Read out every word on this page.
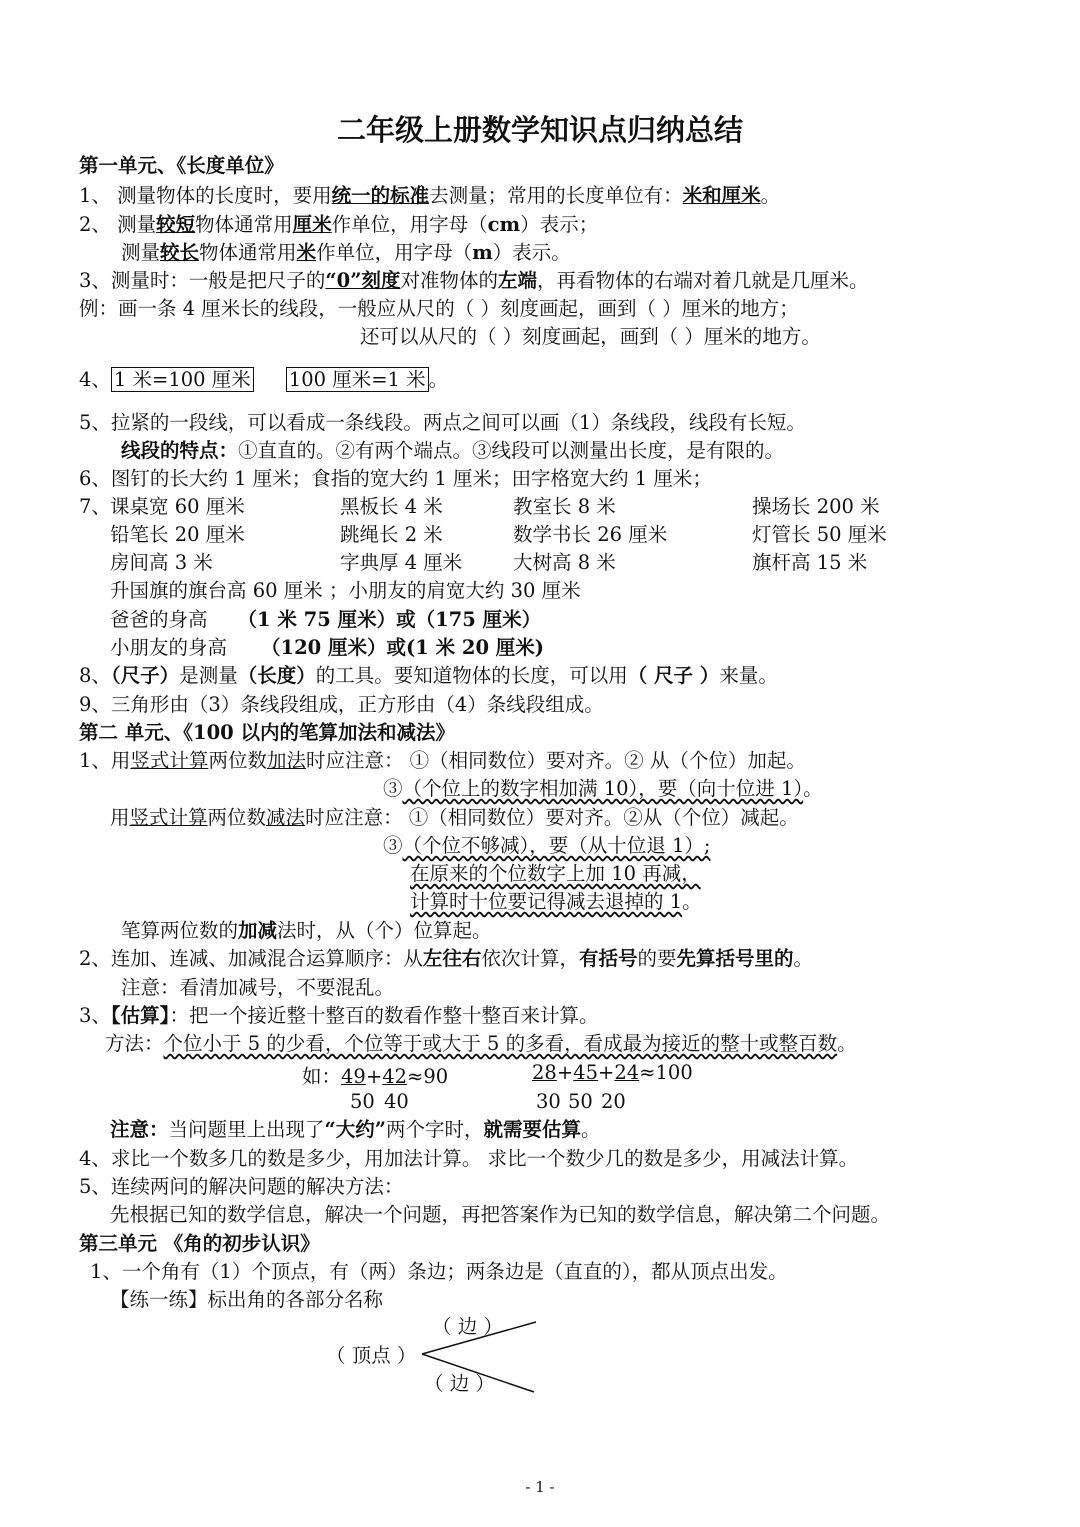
二年级上册数学知识点归纳总结
第一单元、《长度单位》
1、 测量物体的长度时，要用统一的标准去测量；常用的长度单位有：米和厘米。
2、 测量较短物体通常用厘米作单位，用字母（cm）表示；
测量较长物体通常用米作单位，用字母（m）表示。
3、测量时：一般是把尺子的“0”刻度对准物体的左端，再看物体的右端对着几就是几厘米。
例：画一条 4 厘米长的线段，一般应从尺的（ ）刻度画起，画到（ ）厘米的地方；
还可以从尺的（ ）刻度画起，画到（ ）厘米的地方。
4、 1 米=100 厘米 100 厘米=1 米 。
5、拉紧的一段线，可以看成一条线段。两点之间可以画（1）条线段，线段有长短。
线段的特点：①直直的。②有两个端点。③线段可以测量出长度，是有限的。
6、图钉的长大约 1 厘米；食指的宽大约 1 厘米；田字格宽大约 1 厘米；
7、 课桌宽 60 厘米	黑板长 4 米	教室长 8 米	操场长 200 米
铅笔长 20 厘米	跳绳长 2 米	数学书长 26 厘米	灯管长 50 厘米
房间高 3 米	字典厚 4 厘米	大树高 8 米	旗杆高 15 米
升国旗的旗台高 60 厘米 ；小朋友的肩宽大约 30 厘米
爸爸的身高 （1 米 75 厘米）或（175 厘米）
小朋友的身高 （120 厘米）或(1 米 20 厘米)
8、（尺子）是测量（长度）的工具。要知道物体的长度，可以用（ 尺子 ）来量。
9、三角形由（3）条线段组成，正方形由（4）条线段组成。
第二 单元、《100 以内的笔算加法和减法》
1、用竖式计算两位数加法时应注意： ①（相同数位）要对齐。② 从（个位）加起。
③（个位上的数字相加满 10），要（向十位进 1）。
用竖式计算两位数减法时应注意： ①（相同数位）要对齐。②从（个位）减起。
③（个位不够减），要（从十位退 1）;
在原来的个位数字上加 10 再减，
计算时十位要记得减去退掉的 1。
笔算两位数的加减法时，从（个）位算起。
2、连加、连减、加减混合运算顺序：从左往右依次计算，有括号的要先算括号里的。
注意：看清加减号，不要混乱。
3、【估算】：把一个接近整十整百的数看作整十整百来计算。
方法：个位小于 5 的少看，个位等于或大于 5 的多看，看成最为接近的整十或整百数。
如：49+42≈90
50 40
28+45+24≈100
30 50 20
注意：当问题里上出现了“大约”两个字时，就需要估算。
4、求比一个数多几的数是多少，用加法计算。 求比一个数少几的数是多少，用减法计算。
5、连续两问的解决问题的解决方法：
先根据已知的数学信息，解决一个问题，再把答案作为已知的数学信息，解决第二个问题。
第三单元 《角的初步认识》
1、一个角有（1）个顶点，有（两）条边；两条边是（直直的），都从顶点出发。
【练一练】标出角的各部分名称
（ 边 ）
（ 顶点 ）
（ 边 ）
- 1 -
